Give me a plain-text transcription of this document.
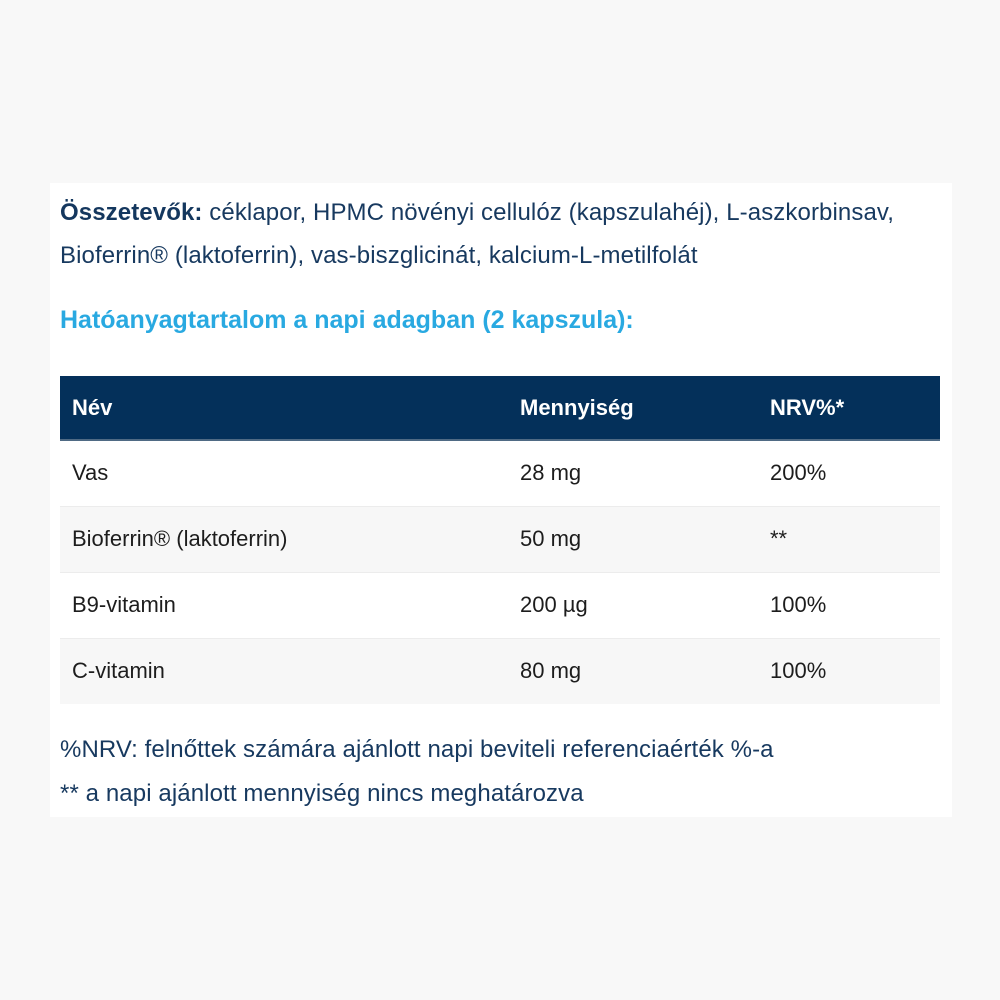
Összetevők: céklapor, HPMC növényi cellulóz (kapszulahéj), L-aszkorbinsav, Bioferrin® (laktoferrin), vas-biszglicinát, kalcium-L-metilfolát

Hatóanyagtartalom a napi adagban (2 kapszula):
Név	Mennyiség	NRV%*
Vas	28 mg	200%
Bioferrin® (laktoferrin)	50 mg	**
B9-vitamin	200 µg	100%
C-vitamin	80 mg	100%

%NRV: felnőttek számára ajánlott napi beviteli referenciaérték %-a

** a napi ajánlott mennyiség nincs meghatározva
